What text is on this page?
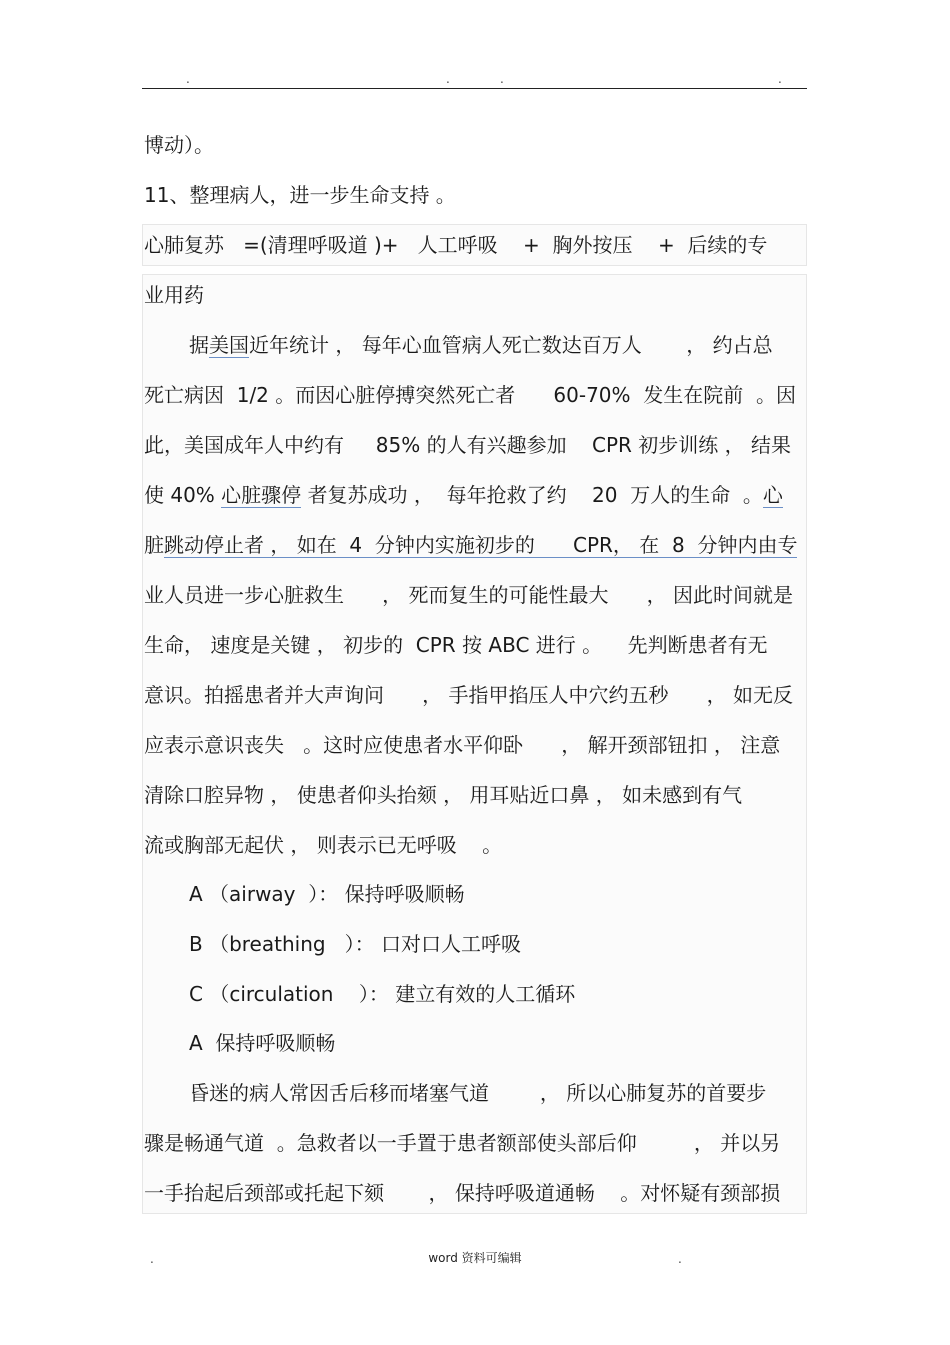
.	.	.	.
博动）。
11、整理病人，进一步生命支持 。
心肺复苏   =(清理呼吸道 )+   人工呼吸    +  胸外按压    +  后续的专
业用药
据美国近年统计 ， 每年心血管病人死亡数达百万人       ， 约占总
死亡病因  1/2 。而因心脏停搏突然死亡者      60-70%  发生在院前  。因
此，美国成年人中约有     85% 的人有兴趣参加    CPR 初步训练 ， 结果
使 40% 心脏骤停 者复苏成功 ，  每年抢救了约    20  万人的生命  。心
脏跳动停止者 ， 如在  4  分钟内实施初步的      CPR， 在  8  分钟内由专
业人员进一步心脏救生      ， 死而复生的可能性最大      ， 因此时间就是
生命， 速度是关键 ， 初步的  CPR 按 ABC 进行 。    先判断患者有无
意识。拍摇患者并大声询问      ， 手指甲掐压人中穴约五秒      ， 如无反
应表示意识丧失   。这时应使患者水平仰卧      ， 解开颈部钮扣 ， 注意
清除口腔异物 ， 使患者仰头抬颏 ， 用耳贴近口鼻 ， 如未感到有气
流或胸部无起伏 ， 则表示已无呼吸    。
A （airway  ）： 保持呼吸顺畅
B （breathing   ）： 口对口人工呼吸
C （circulation    ）： 建立有效的人工循环
A  保持呼吸顺畅
昏迷的病人常因舌后移而堵塞气道        ， 所以心肺复苏的首要步
骤是畅通气道  。急救者以一手置于患者额部使头部后仰         ， 并以另
一手抬起后颈部或托起下颏       ， 保持呼吸道通畅    。对怀疑有颈部损
.	word 资料可编辑	.
